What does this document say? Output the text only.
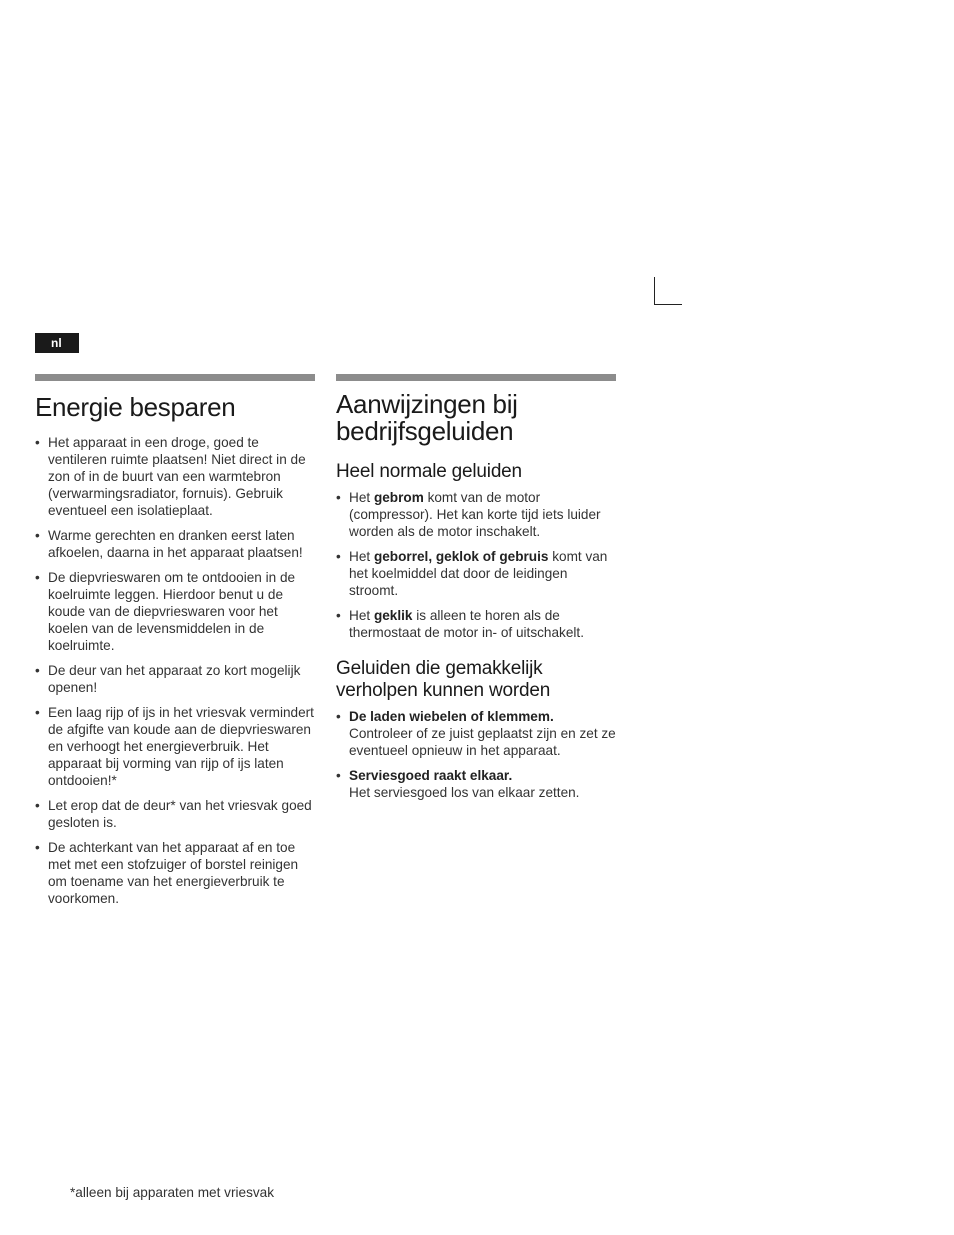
nl
Energie besparen
• Het apparaat in een droge, goed te ventileren ruimte plaatsen! Niet direct in de zon of in de buurt van een warmtebron (verwarmingsradiator, fornuis). Gebruik eventueel een isolatieplaat.
• Warme gerechten en dranken eerst laten afkoelen, daarna in het apparaat plaatsen!
• De diepvrieswaren om te ontdooien in de koelruimte leggen. Hierdoor benut u de koude van de diepvrieswaren voor het koelen van de levensmiddelen in de koelruimte.
• De deur van het apparaat zo kort mogelijk openen!
• Een laag rijp of ijs in het vriesvak vermindert de afgifte van koude aan de diepvrieswaren en verhoogt het energieverbruik. Het apparaat bij vorming van rijp of ijs laten ontdooien!*
• Let erop dat de deur* van het vriesvak goed gesloten is.
• De achterkant van het apparaat af en toe met met een stofzuiger of borstel reinigen om toename van het energieverbruik te voorkomen.
Aanwijzingen bij bedrijfsgeluiden
Heel normale geluiden
• Het gebrom komt van de motor (compressor). Het kan korte tijd iets luider worden als de motor inschakelt.
• Het geborrel, geklok of gebruis komt van het koelmiddel dat door de leidingen stroomt.
• Het geklik is alleen te horen als de thermostaat de motor in- of uitschakelt.
Geluiden die gemakkelijk verholpen kunnen worden
• De laden wiebelen of klemmem.
Controleer of ze juist geplaatst zijn en zet ze eventueel opnieuw in het apparaat.
• Serviesgoed raakt elkaar.
Het serviesgoed los van elkaar zetten.
*alleen bij apparaten met vriesvak
